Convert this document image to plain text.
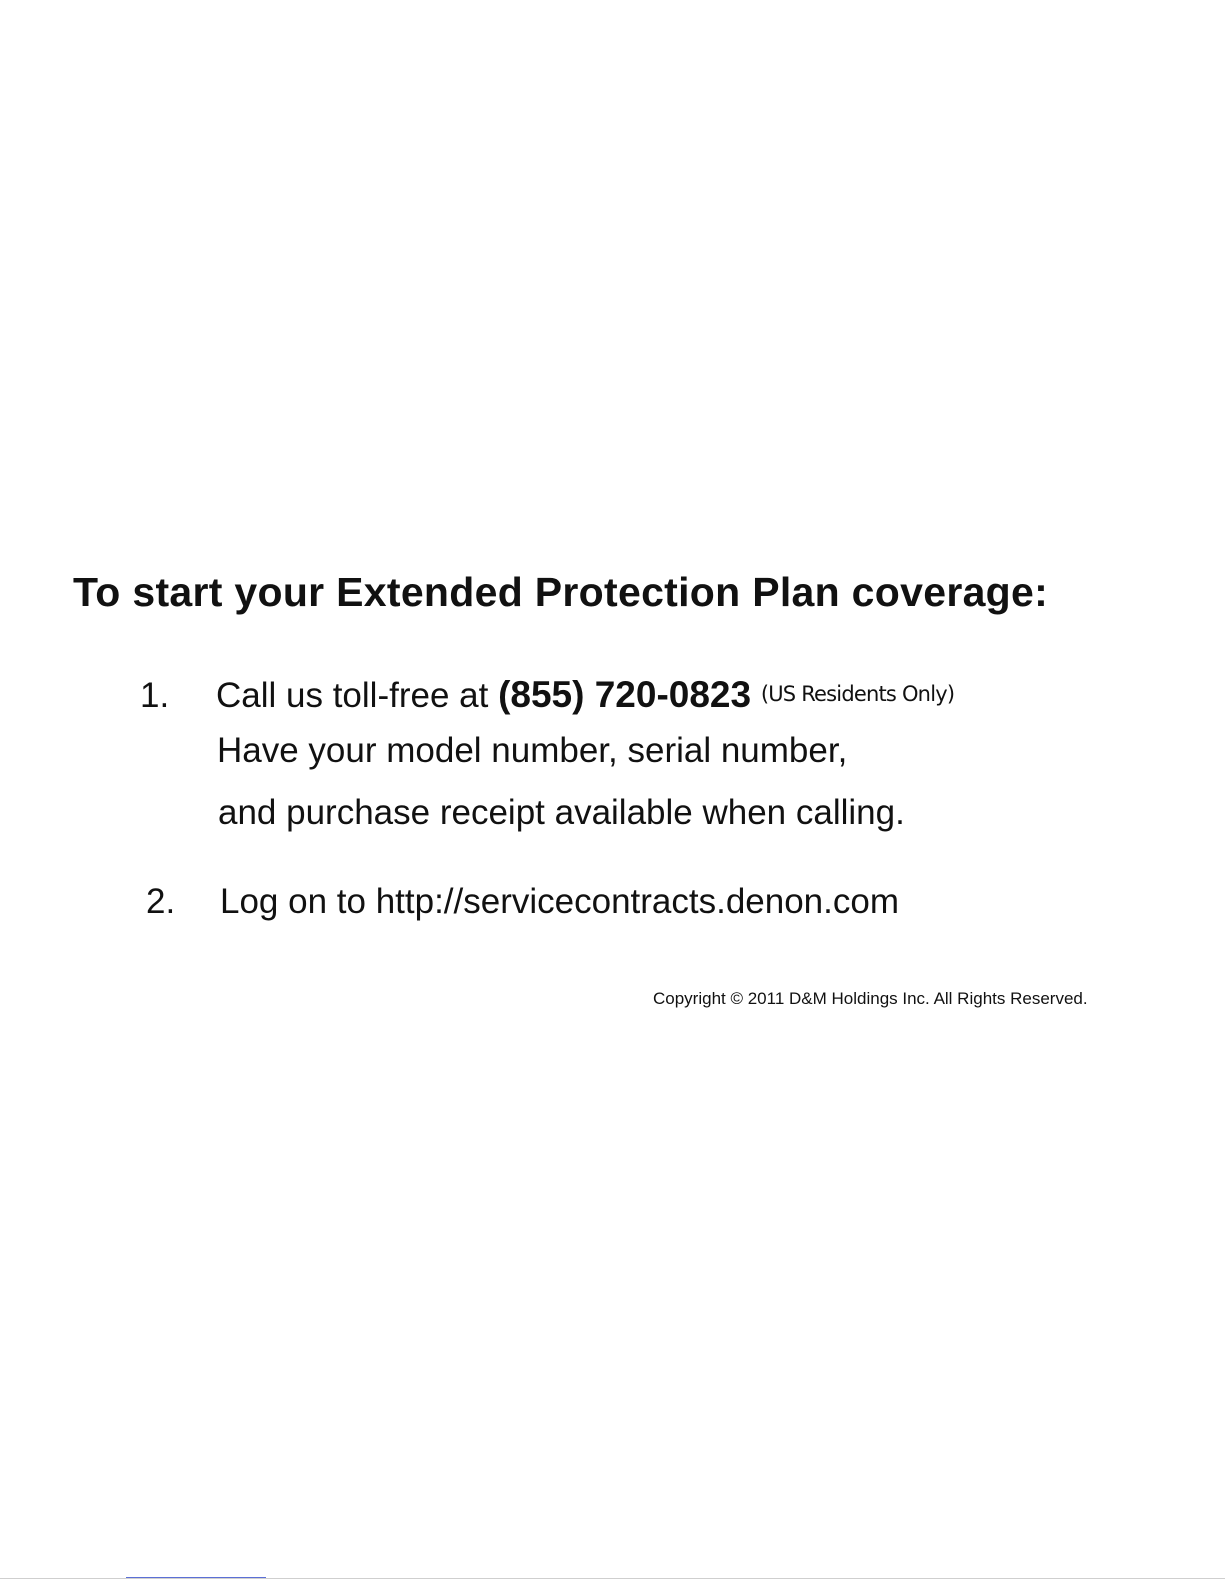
To start your Extended Protection Plan coverage:
1. Call us toll-free at (855) 720-0823 (US Residents Only)
Have your model number, serial number,
and purchase receipt available when calling.
2. Log on to http://servicecontracts.denon.com
Copyright © 2011 D&M Holdings Inc. All Rights Reserved.
